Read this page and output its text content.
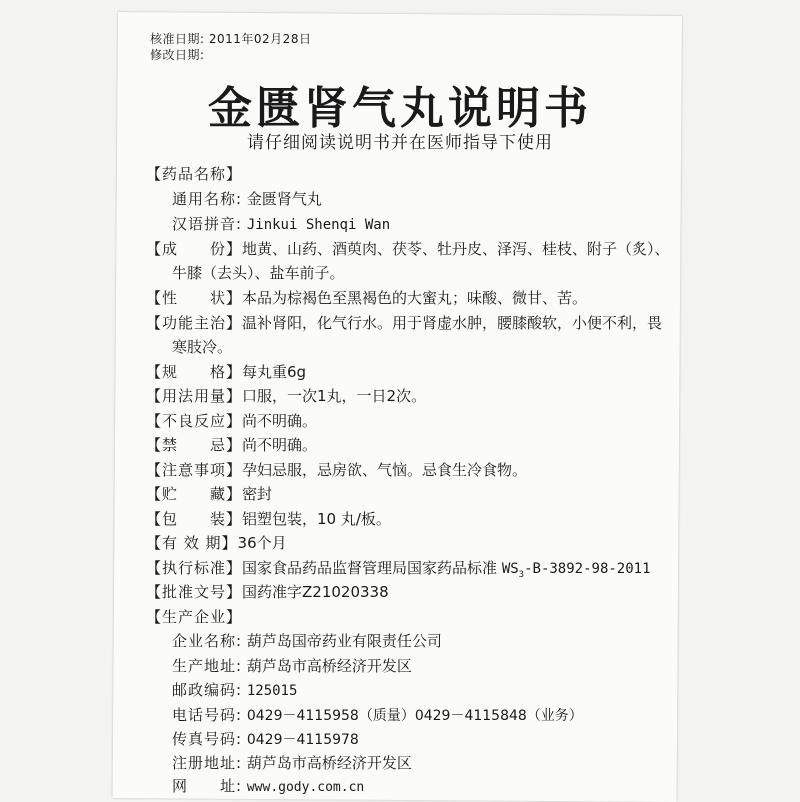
核准日期: 2011年02月28日
修改日期:
金匮肾气丸说明书
请仔细阅读说明书并在医师指导下使用
【药品名称】
通用名称: 金匮肾气丸
汉语拼音: Jinkui Shenqi Wan
【成　　份】地黄、山药、酒萸肉、茯苓、牡丹皮、泽泻、桂枝、附子（炙）、
牛膝（去头）、盐车前子。
【性　　状】本品为棕褐色至黑褐色的大蜜丸；味酸、微甘、苦。
【功能主治】温补肾阳，化气行水。用于肾虚水肿，腰膝酸软，小便不利，畏
寒肢冷。
【规　　格】每丸重6g
【用法用量】口服，一次1丸，一日2次。
【不良反应】尚不明确。
【禁　　忌】尚不明确。
【注意事项】孕妇忌服，忌房欲、气恼。忌食生冷食物。
【贮　　藏】密封
【包　　装】铝塑包装，10 丸/板。
【有 效 期】36个月
【执行标准】国家食品药品监督管理局国家药品标准 $WS_3-B-3892-98-2011$
【批准文号】国药准字Z21020338
【生产企业】
企业名称: 葫芦岛国帝药业有限责任公司
生产地址: 葫芦岛市高桥经济开发区
邮政编码: 125015
电话号码: 0429－4115958（质量）0429－4115848（业务）
传真号码: 0429－4115978
注册地址: 葫芦岛市高桥经济开发区
网　　址: www.gody.com.cn
